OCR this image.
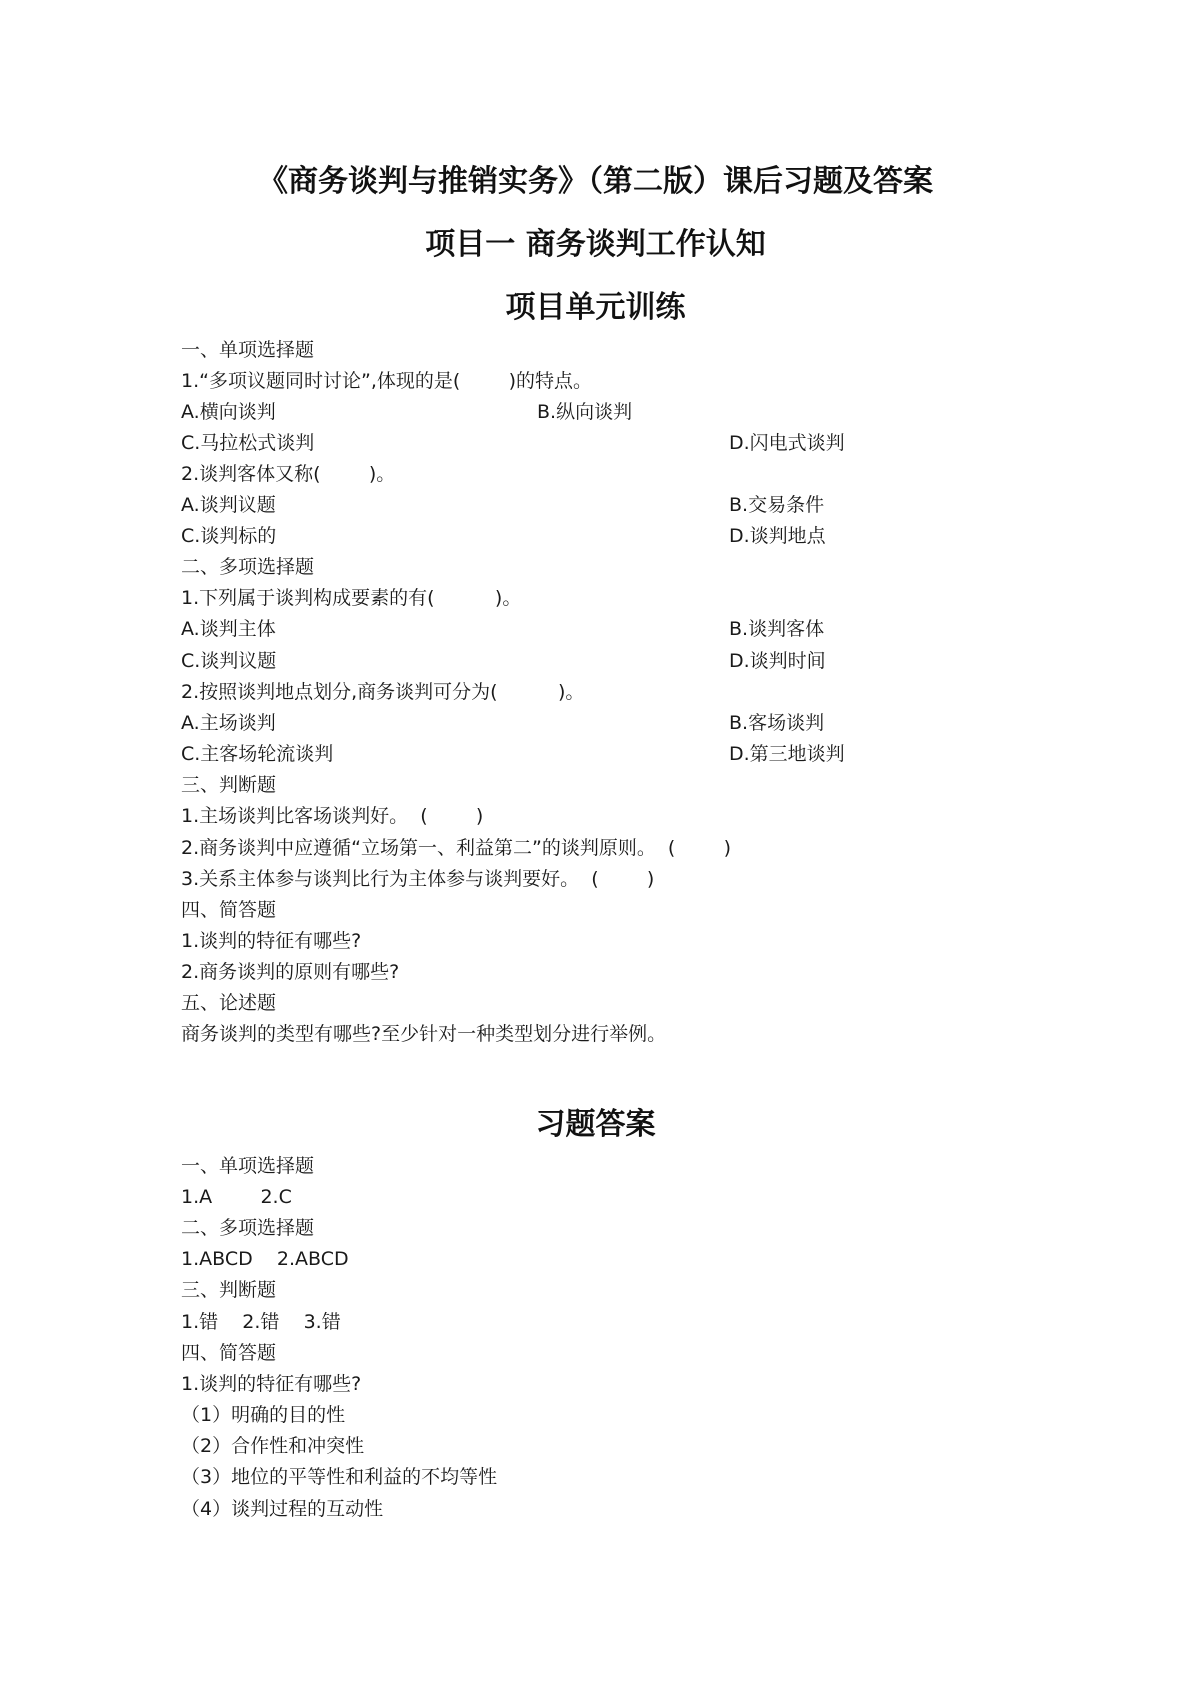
《商务谈判与推销实务》（第二版）课后习题及答案
项目一 商务谈判工作认知
项目单元训练
一、单项选择题
1.“多项议题同时讨论”,体现的是(        )的特点。
A.横向谈判	B.纵向谈判
C.马拉松式谈判	D.闪电式谈判
2.谈判客体又称(        )。
A.谈判议题	B.交易条件
C.谈判标的	D.谈判地点
二、多项选择题
1.下列属于谈判构成要素的有(          )。
A.谈判主体	B.谈判客体
C.谈判议题	D.谈判时间
2.按照谈判地点划分,商务谈判可分为(          )。
A.主场谈判	B.客场谈判
C.主客场轮流谈判	D.第三地谈判
三、判断题
1.主场谈判比客场谈判好。  (        )
2.商务谈判中应遵循“立场第一、利益第二”的谈判原则。  (        )
3.关系主体参与谈判比行为主体参与谈判要好。  (        )
四、简答题
1.谈判的特征有哪些?
2.商务谈判的原则有哪些?
五、论述题
商务谈判的类型有哪些?至少针对一种类型划分进行举例。
习题答案
一、单项选择题
1.A        2.C
二、多项选择题
1.ABCD    2.ABCD
三、判断题
1.错    2.错    3.错
四、简答题
1.谈判的特征有哪些?
（1）明确的目的性
（2）合作性和冲突性
（3）地位的平等性和利益的不均等性
（4）谈判过程的互动性
